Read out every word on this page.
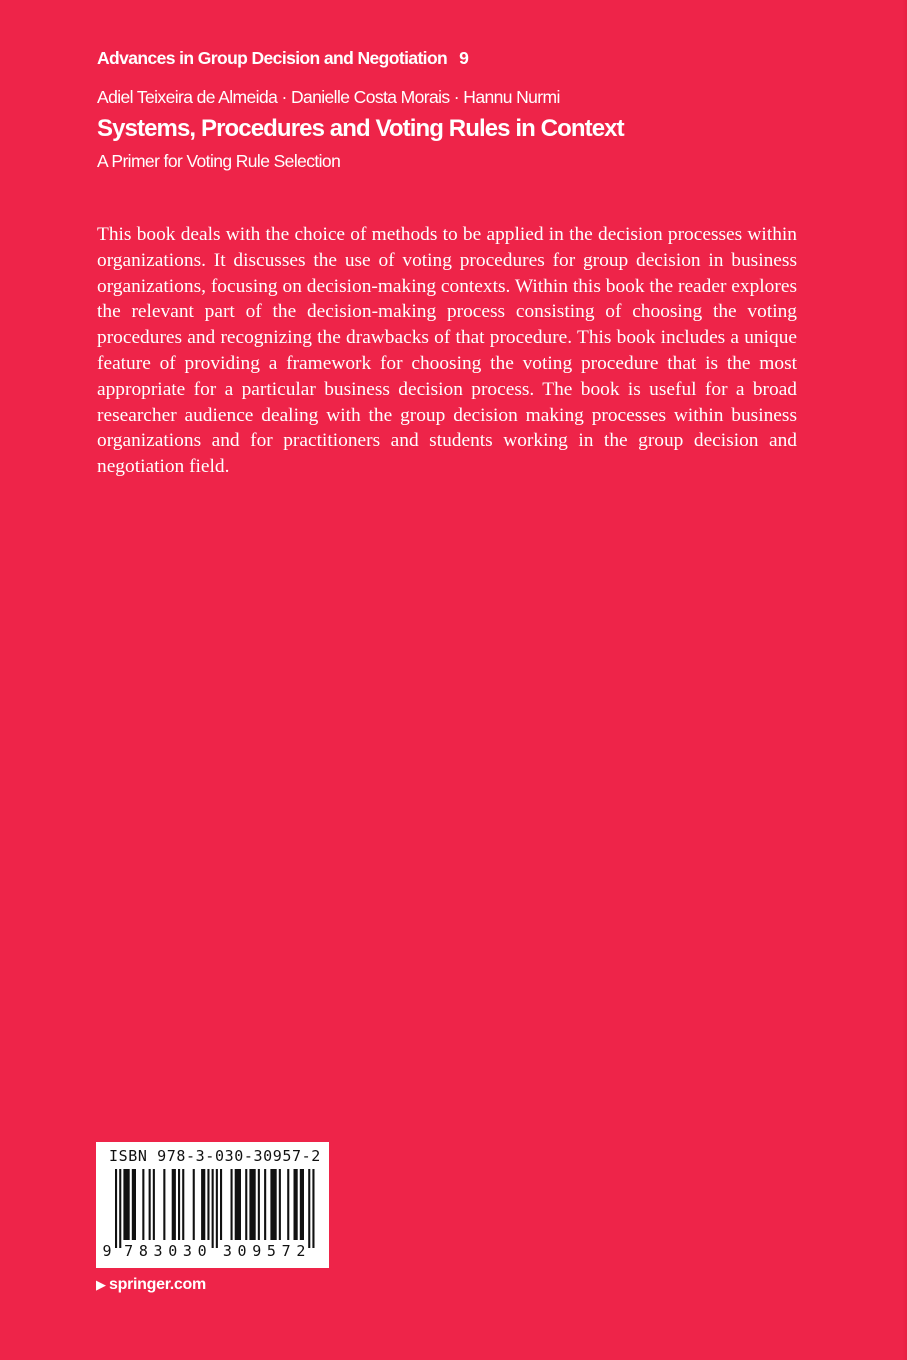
Advances in Group Decision and Negotiation 9
Adiel Teixeira de Almeida · Danielle Costa Morais · Hannu Nurmi
Systems, Procedures and Voting Rules in Context
A Primer for Voting Rule Selection

This book deals with the choice of methods to be applied in the decision processes within organizations. It discusses the use of voting procedures for group decision in business organizations, focusing on decision-making contexts. Within this book the reader explores the relevant part of the decision-making process consisting of choosing the voting procedures and recognizing the drawbacks of that procedure. This book includes a unique feature of providing a framework for choosing the voting procedure that is the most appropriate for a particular business decision process. The book is useful for a broad researcher audience dealing with the group decision making processes within business organizations and for practitioners and students working in the group decision and negotiation field.

ISBN 978-3-030-30957-2
9 7 8 3 0 3 0 3 0 9 5 7 2
▶ springer.com
